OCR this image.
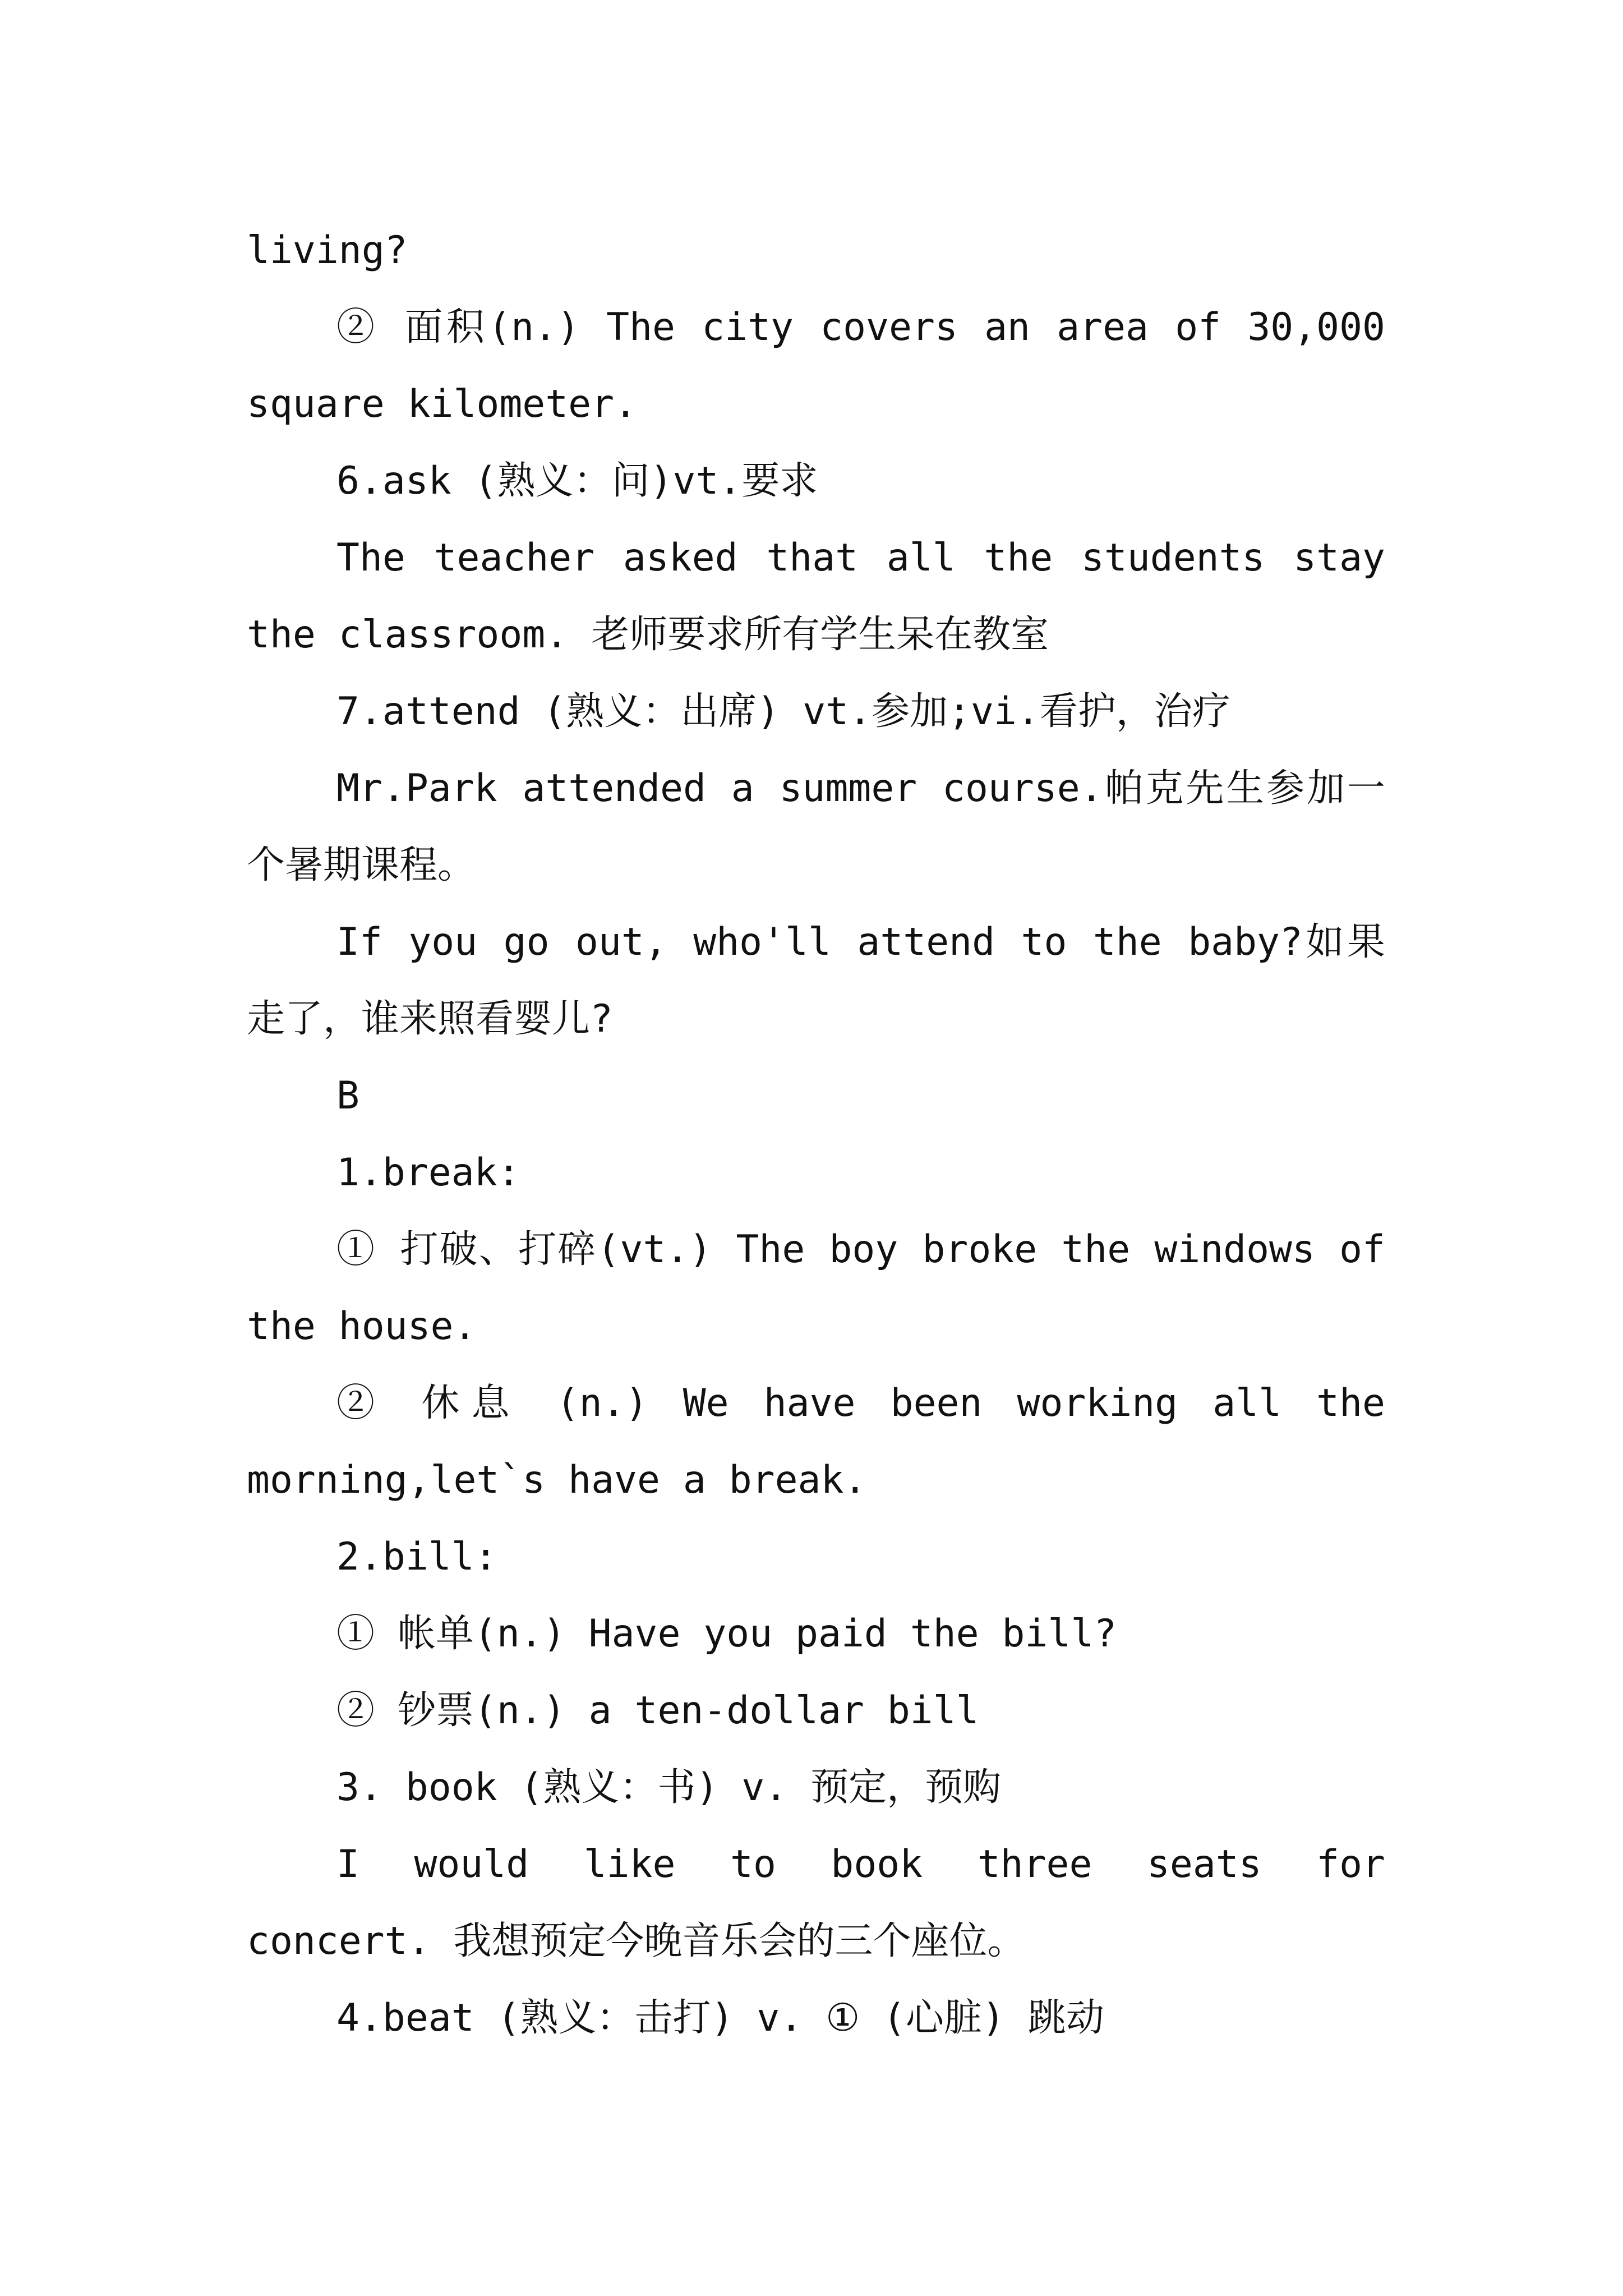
living?
② 面积(n.) The city covers an area of 30,000
square kilometer.
6.ask (熟义：问)vt.要求
The teacher asked that all the students stay
the classroom. 老师要求所有学生呆在教室
7.attend (熟义：出席) vt.参加;vi.看护，治疗
Mr.Park attended a summer course.帕克先生参加一
个暑期课程。
If you go out, who'll attend to the baby?如果
走了，谁来照看婴儿?
B
1.break:
① 打破、打碎(vt.) The boy broke the windows of
the house.
② 休息 (n.) We have been working all the
morning,let`s have a break.
2.bill:
① 帐单(n.) Have you paid the bill?
② 钞票(n.) a ten-dollar bill
3. book (熟义：书) v. 预定，预购
I would like to book three seats for
concert. 我想预定今晚音乐会的三个座位。
4.beat (熟义：击打) v. ① (心脏) 跳动
